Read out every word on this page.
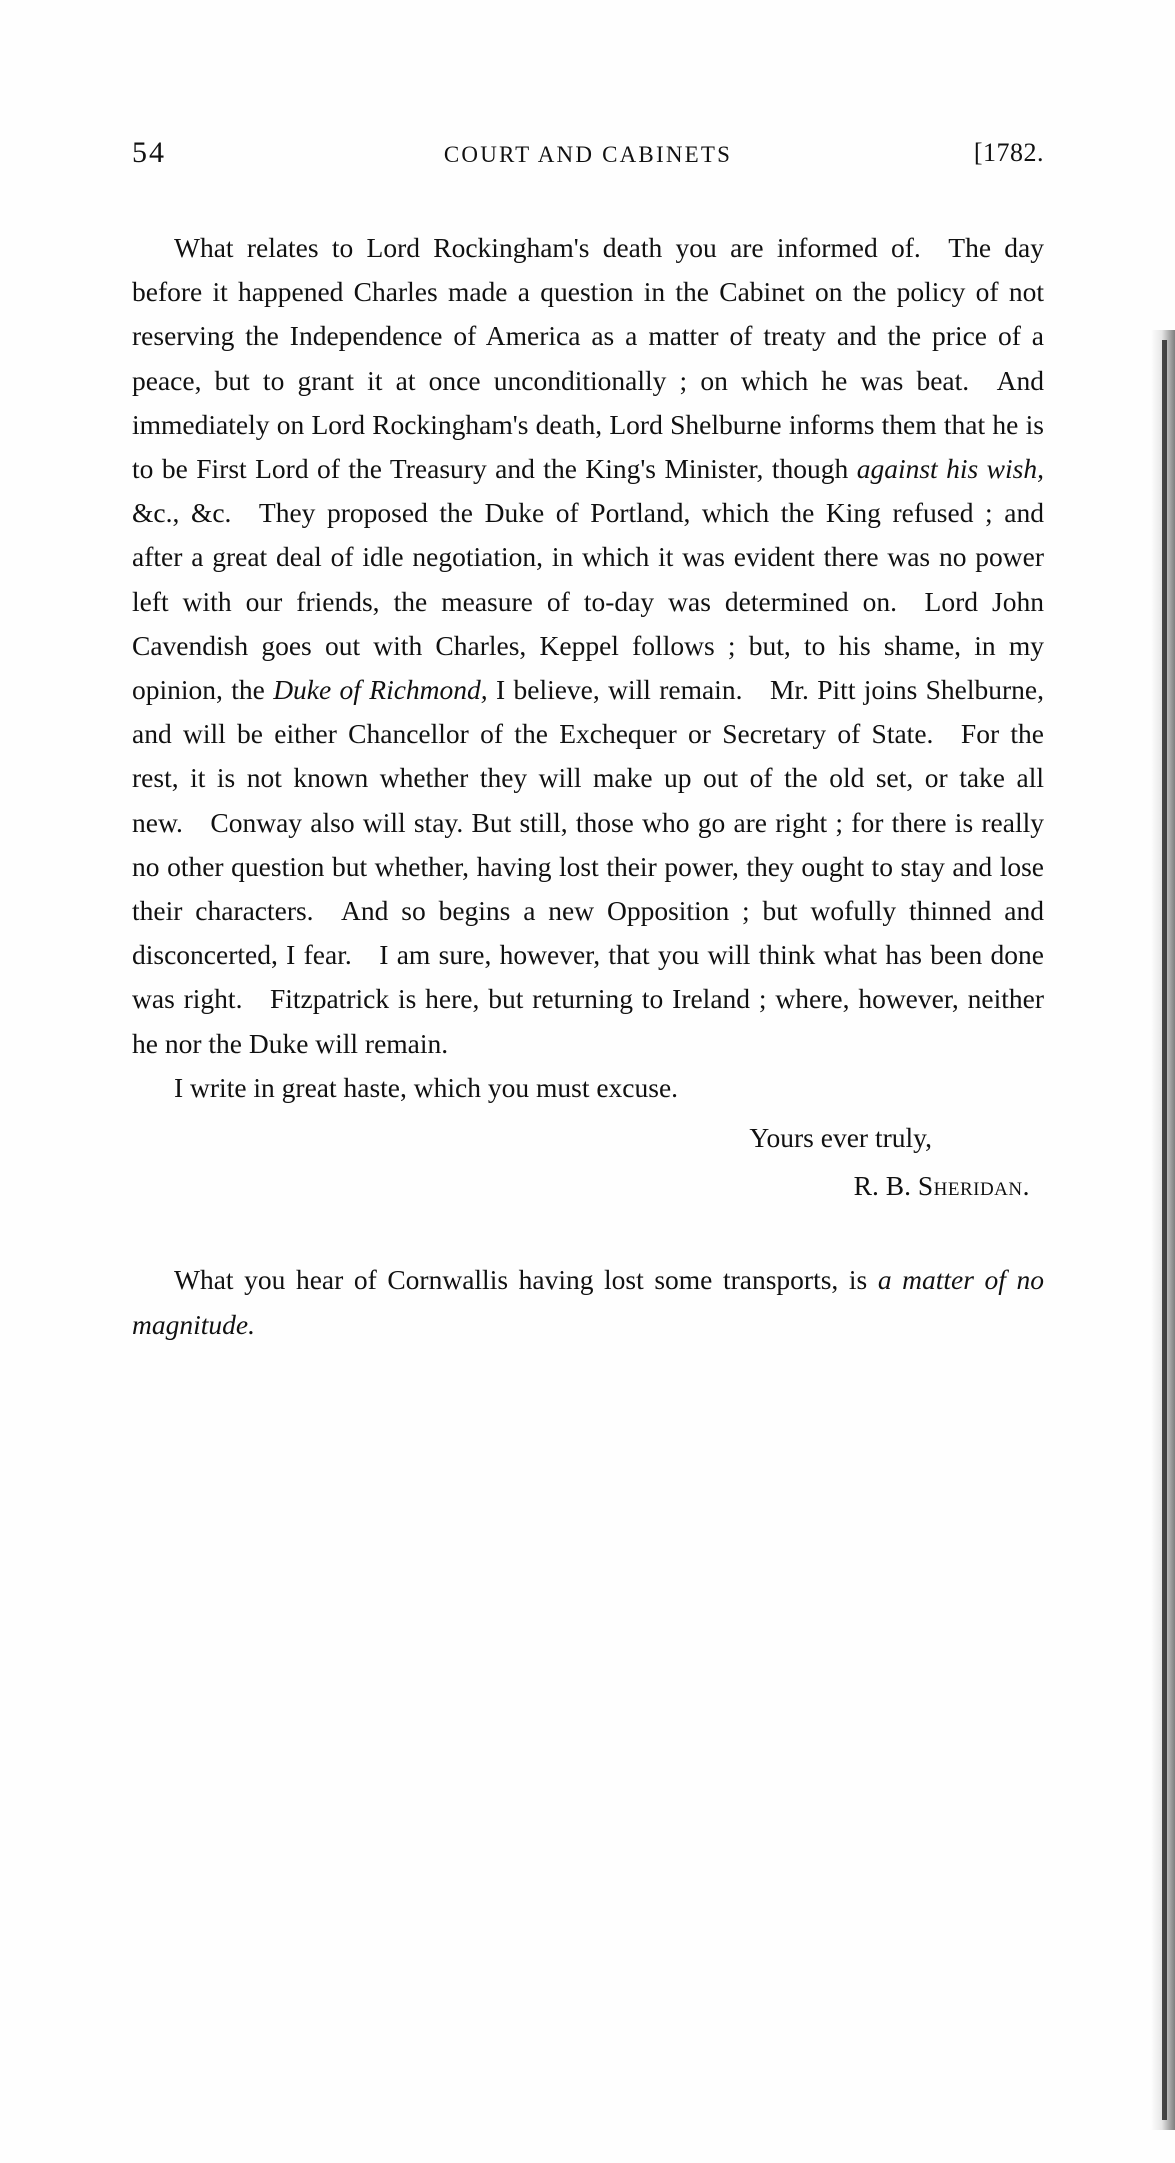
54	COURT AND CABINETS	[1782.

What relates to Lord Rockingham's death you are informed of. The day before it happened Charles made a question in the Cabinet on the policy of not reserving the Independence of America as a matter of treaty and the price of a peace, but to grant it at once unconditionally ; on which he was beat. And immediately on Lord Rockingham's death, Lord Shelburne informs them that he is to be First Lord of the Treasury and the King's Minister, though against his wish, &c., &c. They proposed the Duke of Portland, which the King refused ; and after a great deal of idle negotiation, in which it was evident there was no power left with our friends, the measure of to-day was determined on. Lord John Cavendish goes out with Charles, Keppel follows ; but, to his shame, in my opinion, the Duke of Richmond, I believe, will remain. Mr. Pitt joins Shelburne, and will be either Chancellor of the Exchequer or Secretary of State. For the rest, it is not known whether they will make up out of the old set, or take all new. Conway also will stay. But still, those who go are right ; for there is really no other question but whether, having lost their power, they ought to stay and lose their characters. And so begins a new Opposition ; but wofully thinned and disconcerted, I fear. I am sure, however, that you will think what has been done was right. Fitzpatrick is here, but returning to Ireland ; where, however, neither he nor the Duke will remain.

I write in great haste, which you must excuse.

Yours ever truly,
R. B. Sheridan.

What you hear of Cornwallis having lost some transports, is a matter of no magnitude.
